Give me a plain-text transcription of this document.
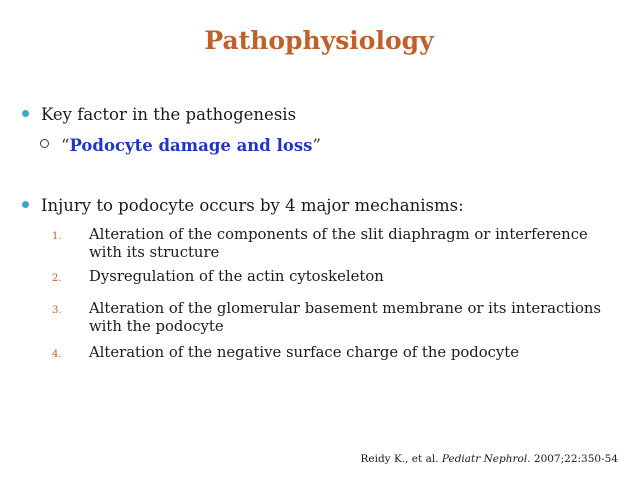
Pathophysiology
Key factor in the pathogenesis
“Podocyte damage and loss”
Injury to podocyte occurs by 4 major mechanisms:
1.	Alteration of the components of the slit diaphragm or interference with its structure
2.	Dysregulation of the actin cytoskeleton
3.	Alteration of the glomerular basement membrane or its interactions with the podocyte
4.	Alteration of the negative surface charge of the podocyte
Reidy K., et al. Pediatr Nephrol. 2007;22:350-54
